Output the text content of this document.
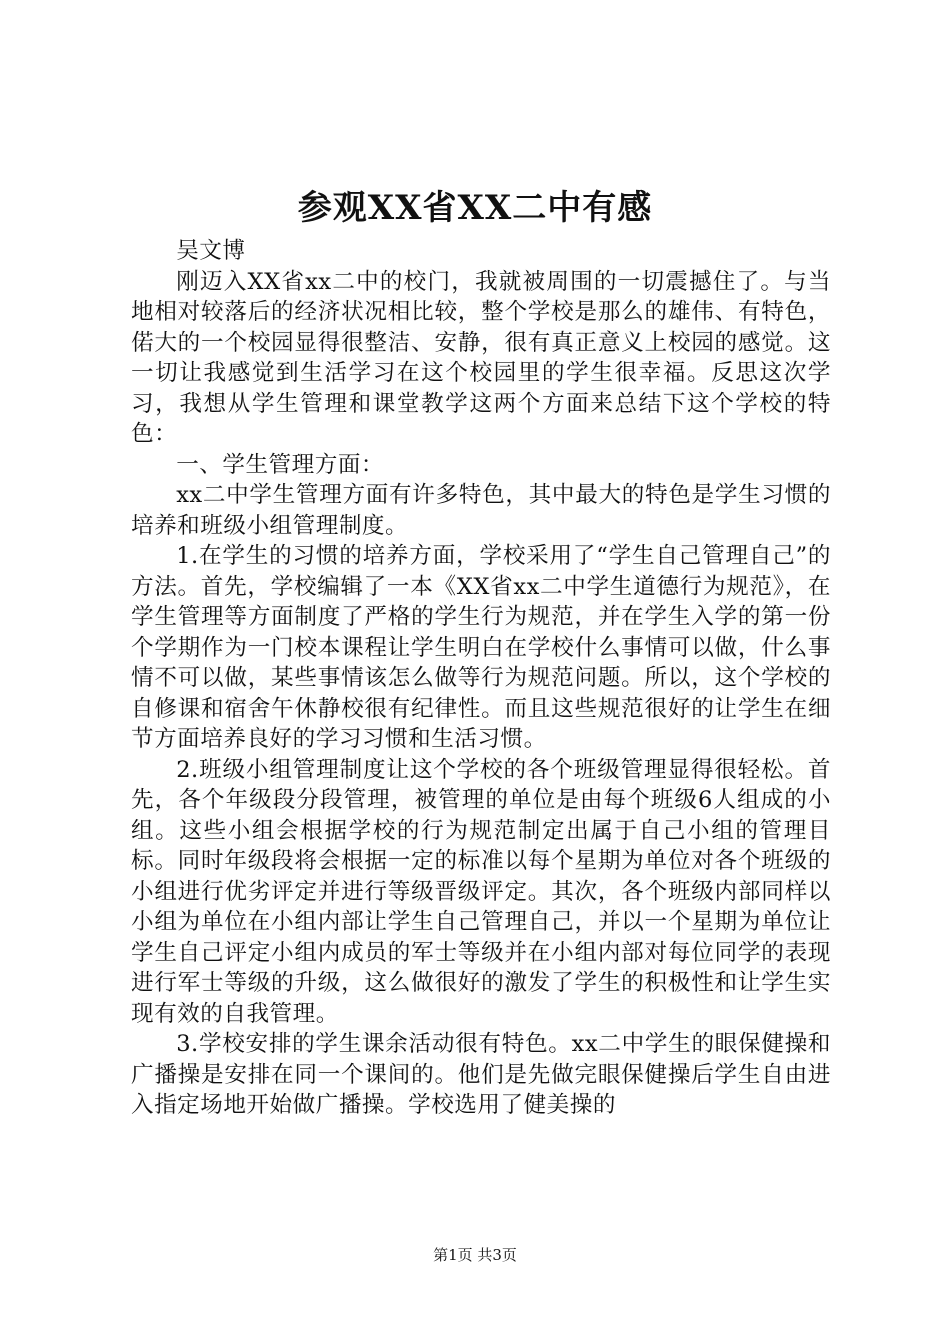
参观XX省XX二中有感

吴文博

刚迈入XX省xx二中的校门，我就被周围的一切震撼住了。与当地相对较落后的经济状况相比较，整个学校是那么的雄伟、有特色，偌大的一个校园显得很整洁、安静，很有真正意义上校园的感觉。这一切让我感觉到生活学习在这个校园里的学生很幸福。反思这次学习，我想从学生管理和课堂教学这两个方面来总结下这个学校的特色：

一、学生管理方面：

xx二中学生管理方面有许多特色，其中最大的特色是学生习惯的培养和班级小组管理制度。

1.在学生的习惯的培养方面，学校采用了“学生自己管理自己”的方法。首先，学校编辑了一本《XX省xx二中学生道德行为规范》，在学生管理等方面制度了严格的学生行为规范，并在学生入学的第一份个学期作为一门校本课程让学生明白在学校什么事情可以做，什么事情不可以做，某些事情该怎么做等行为规范问题。所以，这个学校的自修课和宿舍午休静校很有纪律性。而且这些规范很好的让学生在细节方面培养良好的学习习惯和生活习惯。

2.班级小组管理制度让这个学校的各个班级管理显得很轻松。首先，各个年级段分段管理，被管理的单位是由每个班级6人组成的小组。这些小组会根据学校的行为规范制定出属于自己小组的管理目标。同时年级段将会根据一定的标准以每个星期为单位对各个班级的小组进行优劣评定并进行等级晋级评定。其次，各个班级内部同样以小组为单位在小组内部让学生自己管理自己，并以一个星期为单位让学生自己评定小组内成员的军士等级并在小组内部对每位同学的表现进行军士等级的升级，这么做很好的激发了学生的积极性和让学生实现有效的自我管理。

3.学校安排的学生课余活动很有特色。xx二中学生的眼保健操和广播操是安排在同一个课间的。他们是先做完眼保健操后学生自由进入指定场地开始做广播操。学校选用了健美操的

第1页 共3页
